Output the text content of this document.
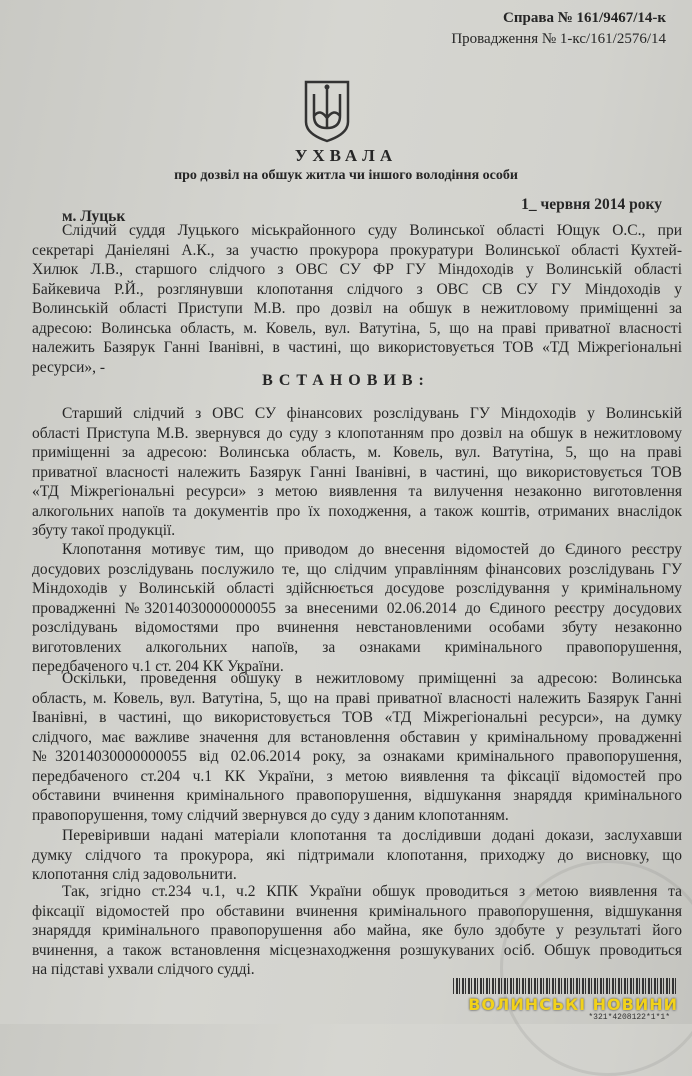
Справа № 161/9467/14-к
Провадження № 1-кс/161/2576/14
УХВАЛА
про дозвіл на обшук житла чи іншого володіння особи
1_ червня 2014 року
м. Луцьк
Слідчий суддя Луцького міськрайонного суду Волинської області Ющук О.С., при
секретарі Даніеляні А.К., за участю прокурора прокуратури Волинської області Кухтей-
Хилюк Л.В., старшого слідчого з ОВС СУ ФР ГУ Міндоходів у Волинській області
Байкевича Р.Й., розглянувши клопотання слідчого з ОВС СВ СУ ГУ Міндоходів у
Волинській області Приступи М.В. про дозвіл на обшук в нежитловому приміщенні за
адресою: Волинська область, м. Ковель, вул. Ватутіна, 5, що на праві приватної власності
належить Базярук Ганні Іванівні, в частині, що використовується ТОВ «ТД Міжрегіональні
ресурси», -
ВСТАНОВИВ:
Старший слідчий з ОВС СУ фінансових розслідувань ГУ Міндоходів у Волинській
області Приступа М.В. звернувся до суду з клопотанням про дозвіл на обшук в нежитловому
приміщенні за адресою: Волинська область, м. Ковель, вул. Ватутіна, 5, що на праві
приватної власності належить Базярук Ганні Іванівні, в частині, що використовується ТОВ
«ТД Міжрегіональні ресурси» з метою виявлення та вилучення незаконно виготовлення
алкогольних напоїв та документів про їх походження, а також коштів, отриманих внаслідок
збуту такої продукції.
Клопотання мотивує тим, що приводом до внесення відомостей до Єдиного реєстру
досудових розслідувань послужило те, що слідчим управлінням фінансових розслідувань ГУ
Міндоходів у Волинській області здійснюється досудове розслідування у кримінальному
провадженні №32014030000000055 за внесеними 02.06.2014 до Єдиного реєстру досудових
розслідувань відомостями про вчинення невстановленими особами збуту незаконно
виготовлених алкогольних напоїв, за ознаками кримінального правопорушення,
передбаченого ч.1 ст. 204 КК України.
Оскільки, проведення обшуку в нежитловому приміщенні за адресою: Волинська
область, м. Ковель, вул. Ватутіна, 5, що на праві приватної власності належить Базярук Ганні
Іванівні, в частині, що використовується ТОВ «ТД Міжрегіональні ресурси», на думку
слідчого, має важливе значення для встановлення обставин у кримінальному провадженні
№32014030000000055 від 02.06.2014 року, за ознаками кримінального правопорушення,
передбаченого ст.204 ч.1 КК України, з метою виявлення та фіксації відомостей про
обставини вчинення кримінального правопорушення, відшукання знаряддя кримінального
правопорушення, тому слідчий звернувся до суду з даним клопотанням.
Перевіривши надані матеріали клопотання та дослідивши додані докази, заслухавши
думку слідчого та прокурора, які підтримали клопотання, приходжу до висновку, що
клопотання слід задовольнити.
Так, згідно ст.234 ч.1, ч.2 КПК України обшук проводиться з метою виявлення та
фіксації відомостей про обставини вчинення кримінального правопорушення, відшукання
знаряддя кримінального правопорушення або майна, яке було здобуте у результаті його
вчинення, а також встановлення місцезнаходження розшукуваних осіб. Обшук проводиться
на підставі ухвали слідчого судді.
ВОЛИНСЬКІ НОВИНИ
*321*4208122*1*1*
